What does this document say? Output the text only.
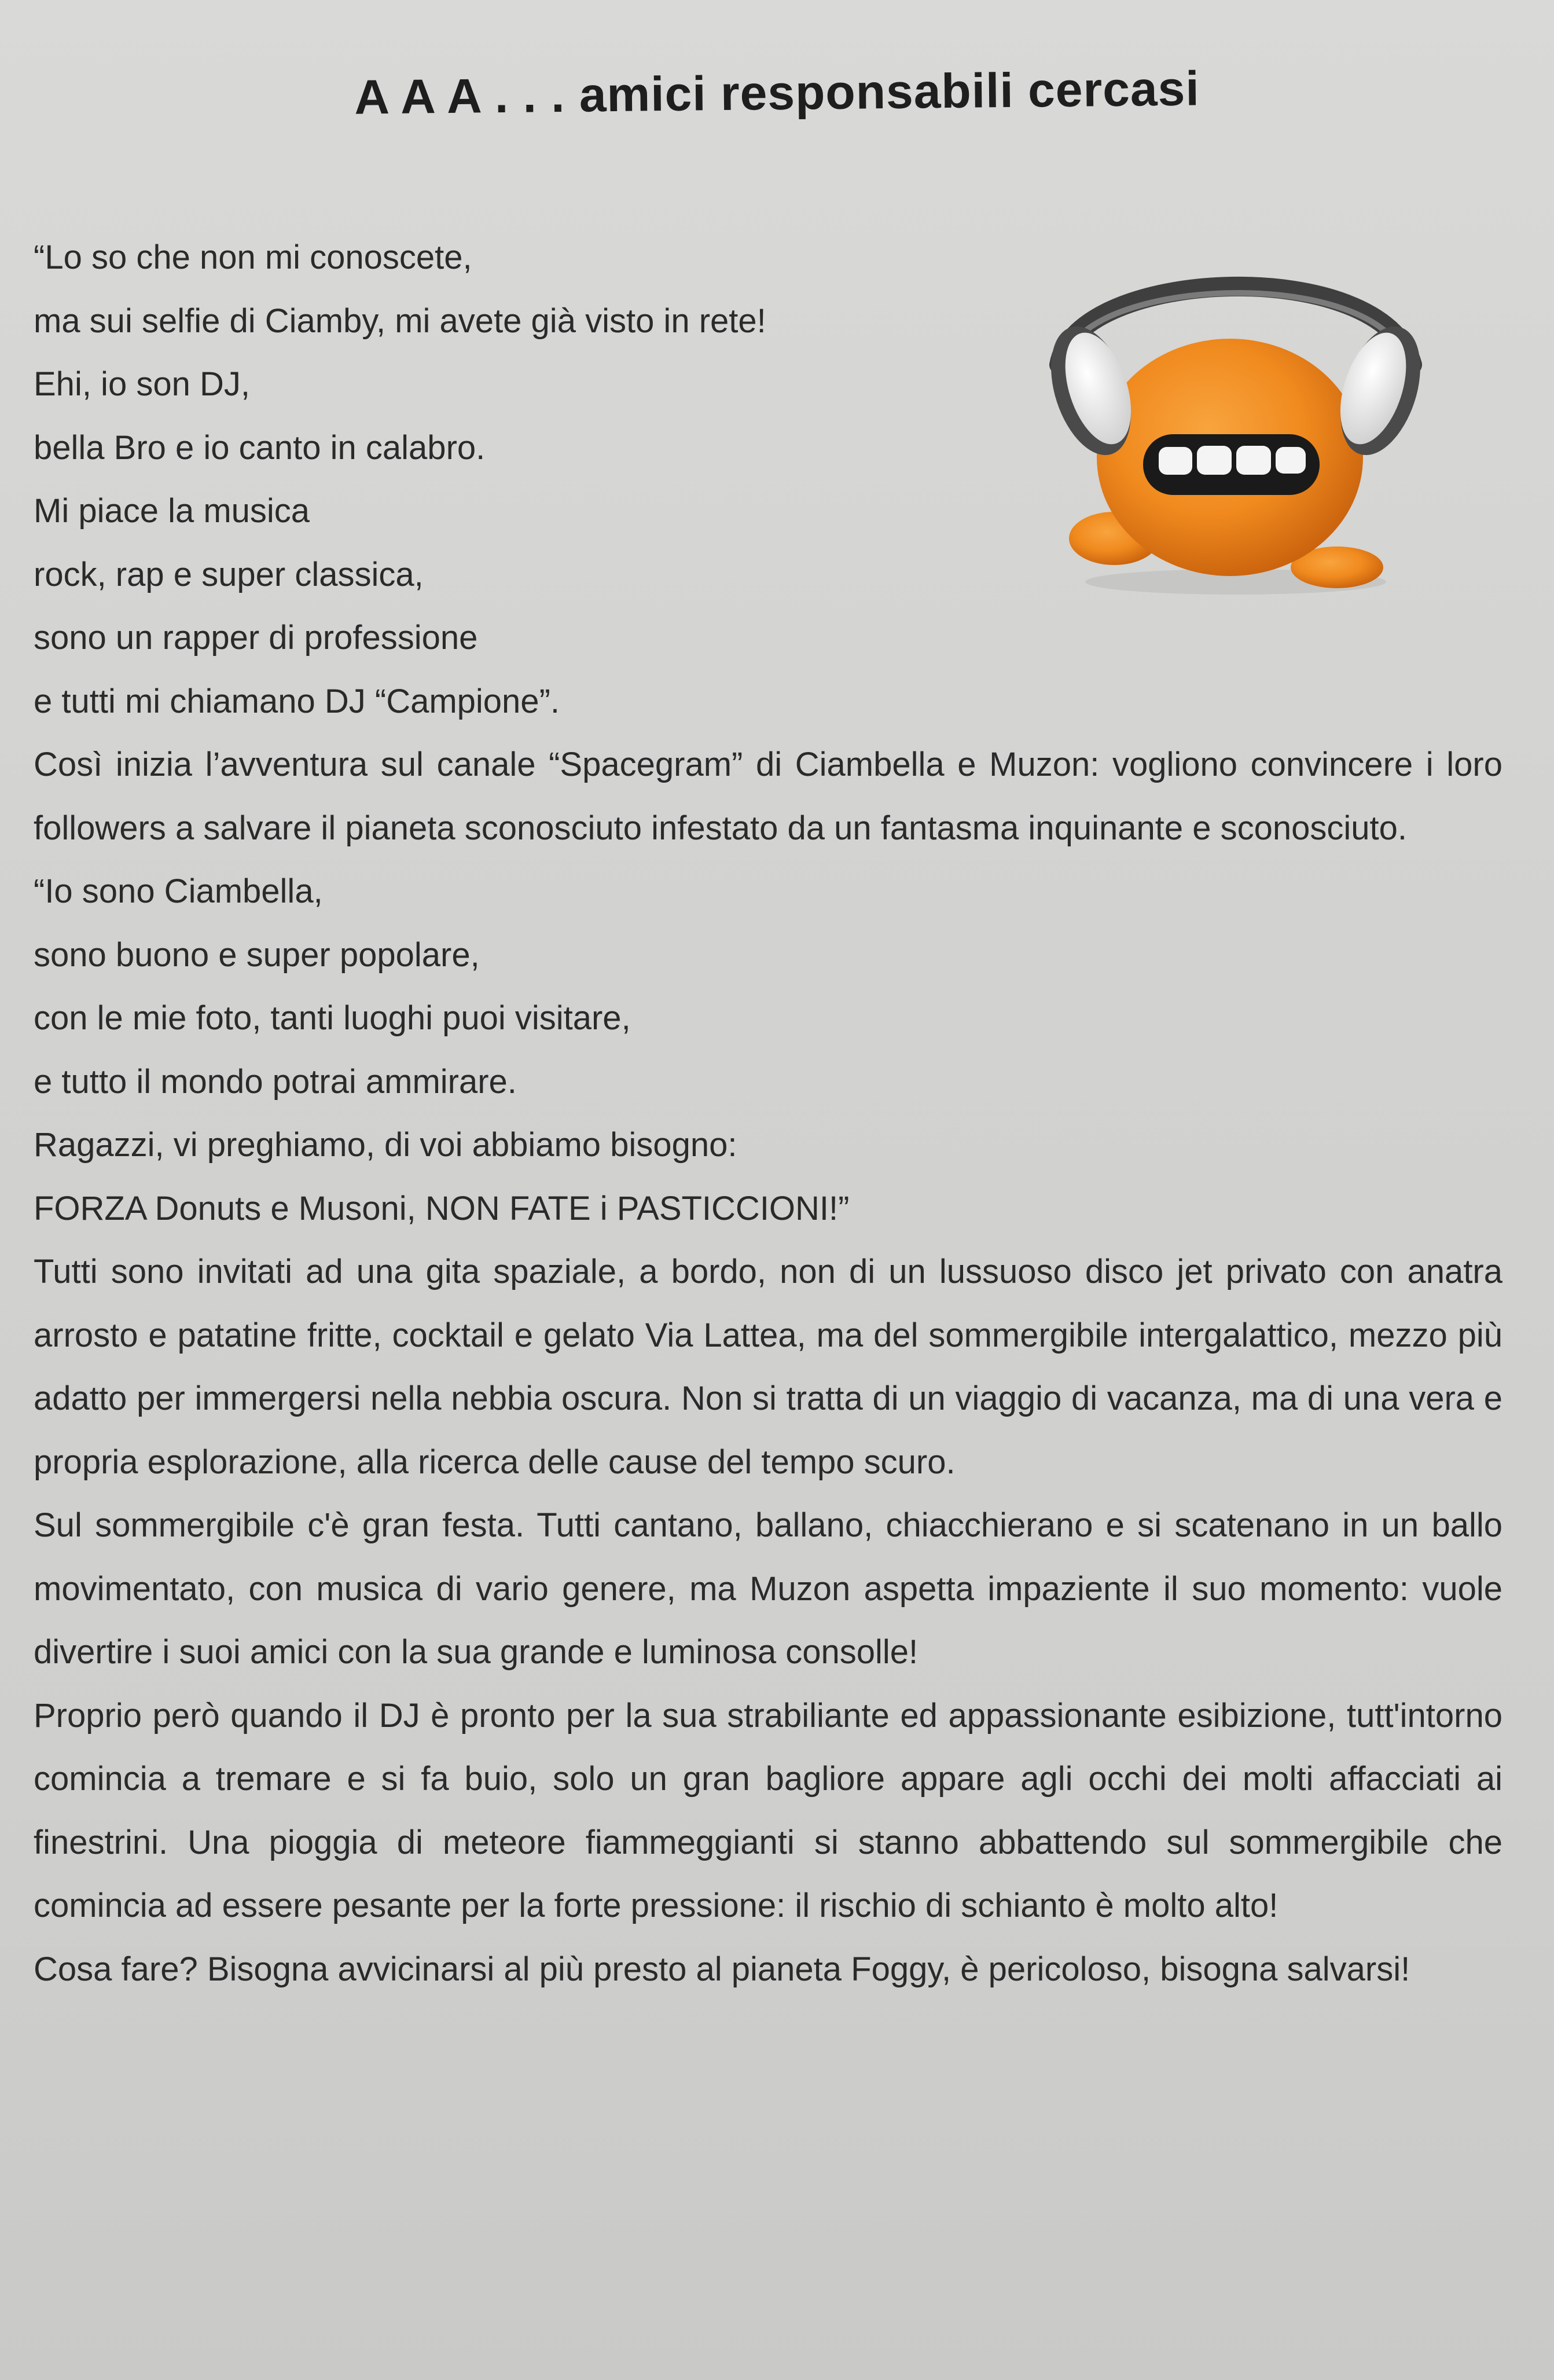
A A A . . . amici responsabili cercasi
“Lo so che non mi conoscete,
ma sui selfie di Ciamby, mi avete già visto in rete!
Ehi, io son DJ,
bella Bro e io canto in calabro.
Mi piace la musica
rock, rap e super classica,
sono un rapper di professione
e tutti mi chiamano DJ “Campione”.
Così inizia l’avventura sul canale “Spacegram” di Ciambella e Muzon: vogliono convincere i loro followers a salvare il pianeta sconosciuto infestato da un fantasma inquinante e sconosciuto.
“Io sono Ciambella,
sono buono e super popolare,
con le mie foto, tanti luoghi puoi visitare,
e tutto il mondo potrai ammirare.
Ragazzi, vi preghiamo, di voi abbiamo bisogno:
FORZA Donuts e Musoni, NON FATE i PASTICCIONI!”
Tutti sono invitati ad una gita spaziale, a bordo, non di un lussuoso disco jet privato con anatra arrosto e patatine fritte, cocktail e gelato Via Lattea, ma del sommergibile intergalattico, mezzo più adatto per immergersi nella nebbia oscura. Non si tratta di un viaggio di vacanza, ma di una vera e propria esplorazione, alla ricerca delle cause del tempo scuro.
Sul sommergibile c'è gran festa. Tutti cantano, ballano, chiacchierano e si scatenano in un ballo movimentato, con musica di vario genere, ma Muzon aspetta impaziente il suo momento: vuole divertire i suoi amici con la sua grande e luminosa consolle!
Proprio però quando il DJ è pronto per la sua strabiliante ed appassionante esibizione, tutt'intorno comincia a tremare e si fa buio, solo un gran bagliore appare agli occhi dei molti affacciati ai finestrini. Una pioggia di meteore fiammeggianti si stanno abbattendo sul sommergibile che comincia ad essere pesante per la forte pressione: il rischio di schianto è molto alto!
Cosa fare? Bisogna avvicinarsi al più presto al pianeta Foggy, è pericoloso, bisogna salvarsi!
